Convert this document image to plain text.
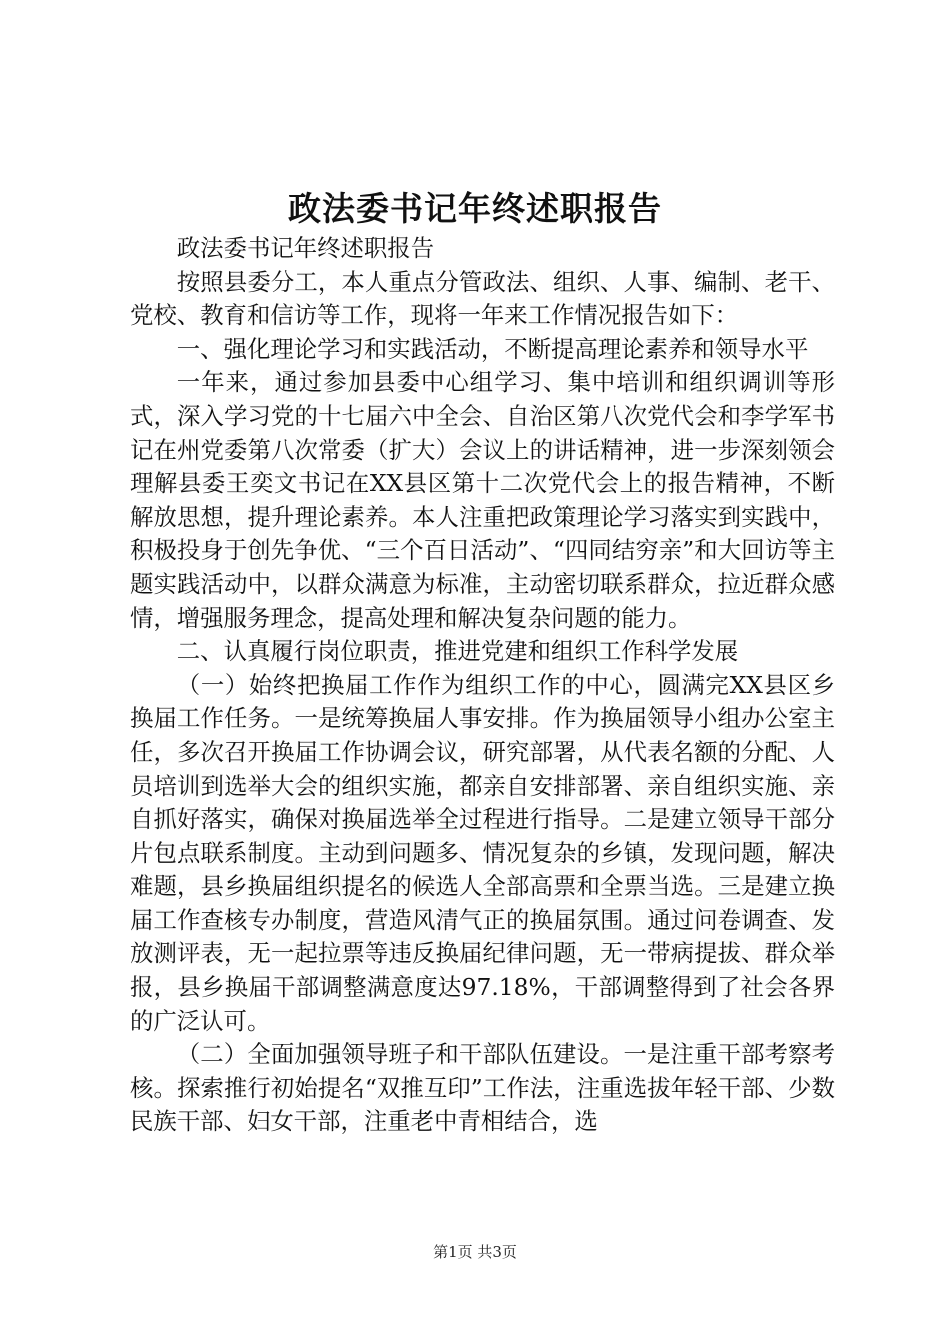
政法委书记年终述职报告

政法委书记年终述职报告

按照县委分工，本人重点分管政法、组织、人事、编制、老干、党校、教育和信访等工作，现将一年来工作情况报告如下：

一、强化理论学习和实践活动，不断提高理论素养和领导水平

一年来，通过参加县委中心组学习、集中培训和组织调训等形式，深入学习党的十七届六中全会、自治区第八次党代会和李学军书记在州党委第八次常委（扩大）会议上的讲话精神，进一步深刻领会理解县委王奕文书记在XX县区第十二次党代会上的报告精神，不断解放思想，提升理论素养。本人注重把政策理论学习落实到实践中，积极投身于创先争优、“三个百日活动”、“四同结穷亲”和大回访等主题实践活动中，以群众满意为标准，主动密切联系群众，拉近群众感情，增强服务理念，提高处理和解决复杂问题的能力。

二、认真履行岗位职责，推进党建和组织工作科学发展

（一）始终把换届工作作为组织工作的中心，圆满完XX县区乡换届工作任务。一是统筹换届人事安排。作为换届领导小组办公室主任，多次召开换届工作协调会议，研究部署，从代表名额的分配、人员培训到选举大会的组织实施，都亲自安排部署、亲自组织实施、亲自抓好落实，确保对换届选举全过程进行指导。二是建立领导干部分片包点联系制度。主动到问题多、情况复杂的乡镇，发现问题，解决难题，县乡换届组织提名的候选人全部高票和全票当选。三是建立换届工作查核专办制度，营造风清气正的换届氛围。通过问卷调查、发放测评表，无一起拉票等违反换届纪律问题，无一带病提拔、群众举报，县乡换届干部调整满意度达97.18%，干部调整得到了社会各界的广泛认可。

（二）全面加强领导班子和干部队伍建设。一是注重干部考察考核。探索推行初始提名“双推互印”工作法，注重选拔年轻干部、少数民族干部、妇女干部，注重老中青相结合，选

第1页 共3页
